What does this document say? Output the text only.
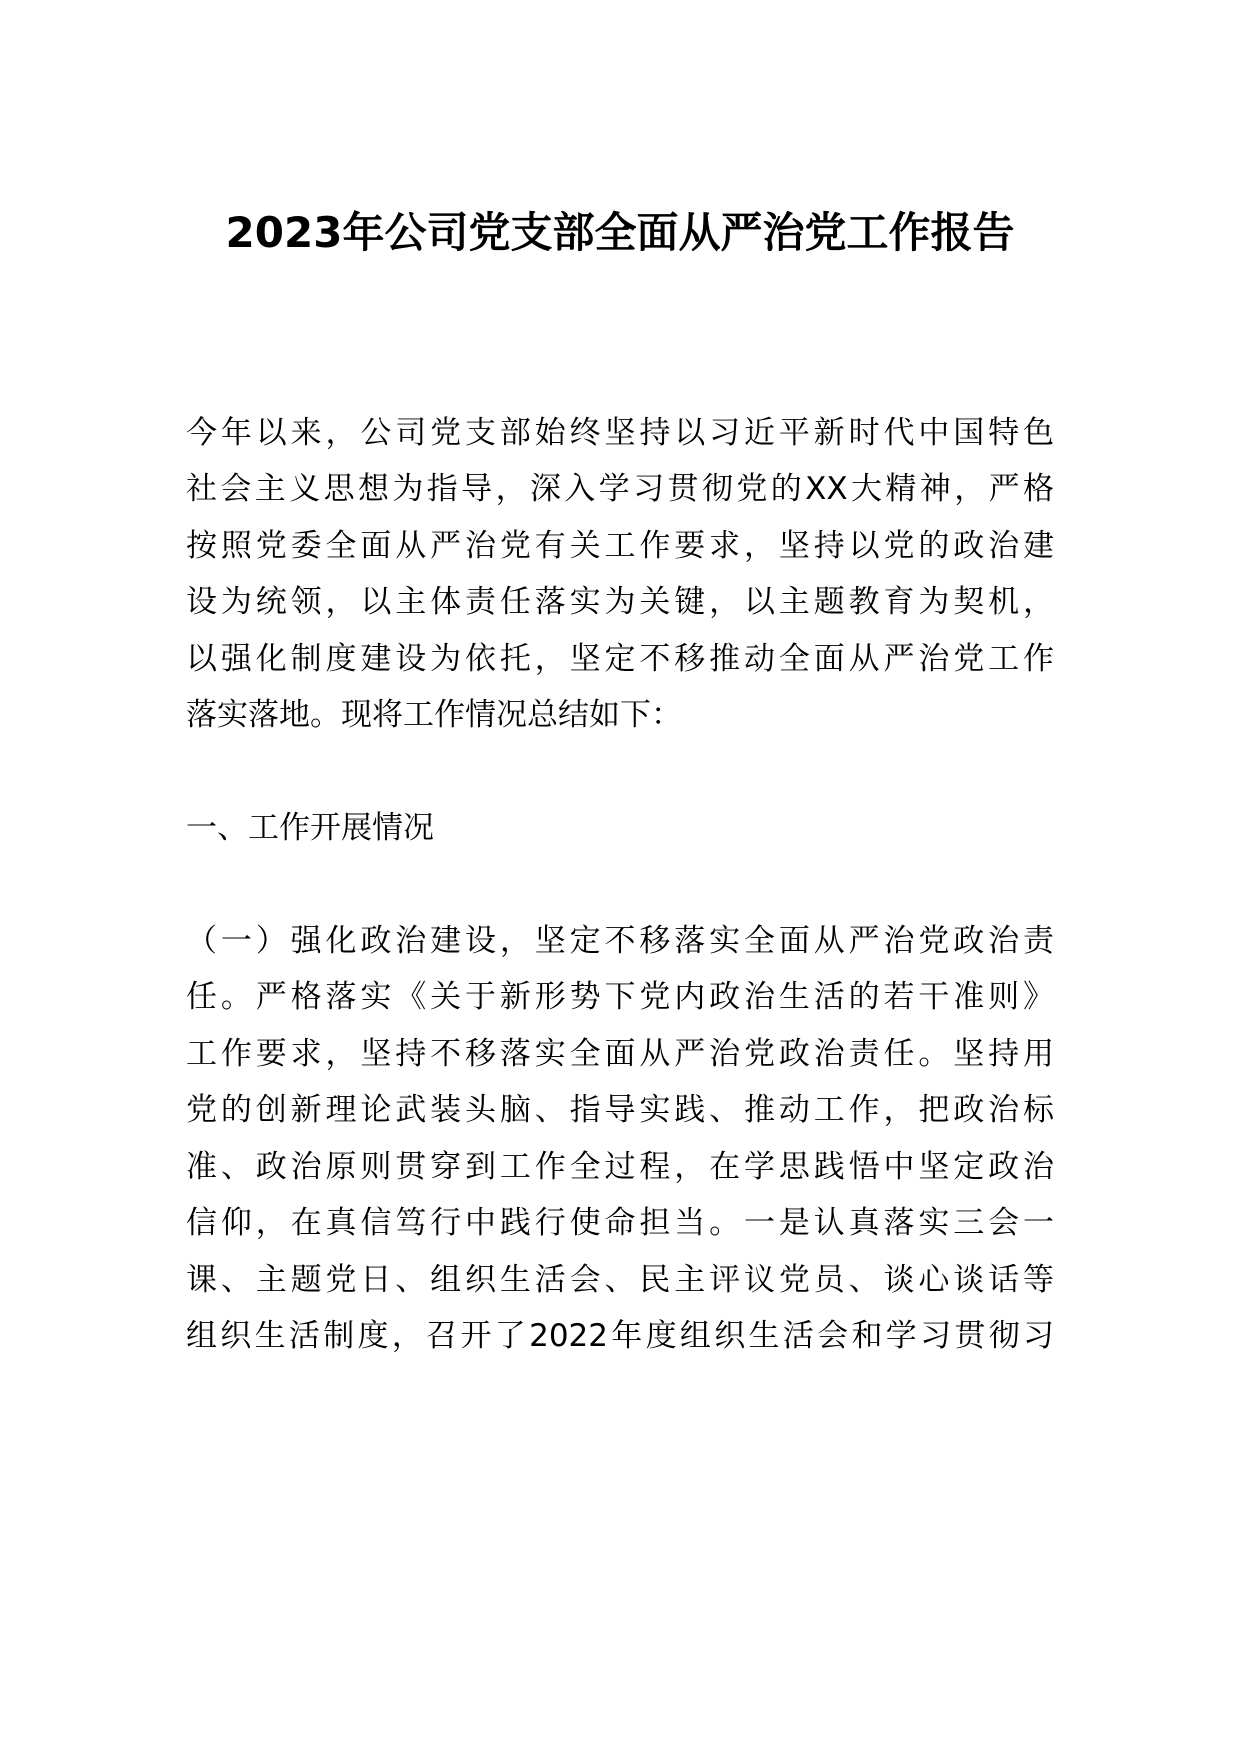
2023年公司党支部全面从严治党工作报告
今年以来，公司党支部始终坚持以习近平新时代中国特色
社会主义思想为指导，深入学习贯彻党的XX大精神，严格
按照党委全面从严治党有关工作要求，坚持以党的政治建
设为统领，以主体责任落实为关键，以主题教育为契机，
以强化制度建设为依托，坚定不移推动全面从严治党工作
落实落地。现将工作情况总结如下：
一、工作开展情况
（一）强化政治建设，坚定不移落实全面从严治党政治责
任。严格落实《关于新形势下党内政治生活的若干准则》
工作要求，坚持不移落实全面从严治党政治责任。坚持用
党的创新理论武装头脑、指导实践、推动工作，把政治标
准、政治原则贯穿到工作全过程，在学思践悟中坚定政治
信仰，在真信笃行中践行使命担当。一是认真落实三会一
课、主题党日、组织生活会、民主评议党员、谈心谈话等
组织生活制度，召开了2022年度组织生活会和学习贯彻习
